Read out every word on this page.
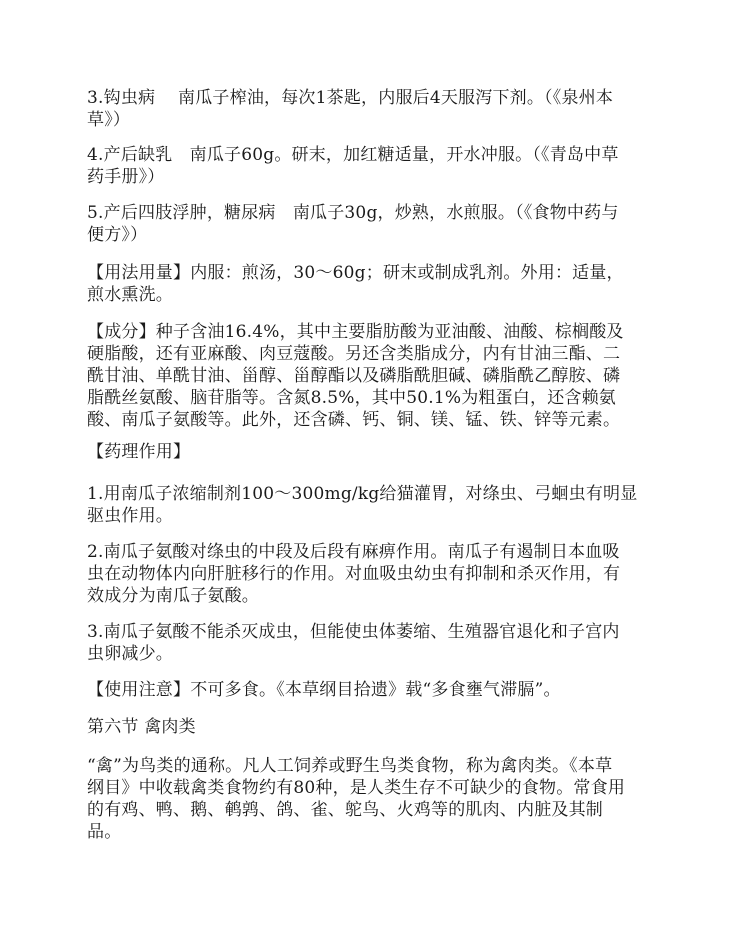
3.钩虫病　 南瓜子榨油，每次1茶匙，内服后4天服泻下剂。（《泉州本
草》）

4.产后缺乳　南瓜子60g。研末，加红糖适量，开水冲服。（《青岛中草
药手册》）

5.产后四肢浮肿，糖尿病　南瓜子30g，炒熟，水煎服。（《食物中药与
便方》）

【用法用量】内服：煎汤，30～60g；研末或制成乳剂。外用：适量，
煎水熏洗。

【成分】种子含油16.4%，其中主要脂肪酸为亚油酸、油酸、棕榈酸及
硬脂酸，还有亚麻酸、肉豆蔻酸。另还含类脂成分，内有甘油三酯、二
酰甘油、单酰甘油、甾醇、甾醇酯以及磷脂酰胆碱、磷脂酰乙醇胺、磷
脂酰丝氨酸、脑苷脂等。含氮8.5%，其中50.1%为粗蛋白，还含赖氨
酸、南瓜子氨酸等。此外，还含磷、钙、铜、镁、锰、铁、锌等元素。

【药理作用】

1.用南瓜子浓缩制剂100～300mg/kg给猫灌胃，对绦虫、弓蛔虫有明显
驱虫作用。

2.南瓜子氨酸对绦虫的中段及后段有麻痹作用。南瓜子有遏制日本血吸
虫在动物体内向肝脏移行的作用。对血吸虫幼虫有抑制和杀灭作用，有
效成分为南瓜子氨酸。

3.南瓜子氨酸不能杀灭成虫，但能使虫体萎缩、生殖器官退化和子宫内
虫卵减少。

【使用注意】不可多食。《本草纲目拾遗》载“多食壅气滞膈”。

第六节 禽肉类

“禽”为鸟类的通称。凡人工饲养或野生鸟类食物，称为禽肉类。《本草
纲目》中收载禽类食物约有80种，是人类生存不可缺少的食物。常食用
的有鸡、鸭、鹅、鹌鹑、鸽、雀、鸵鸟、火鸡等的肌肉、内脏及其制
品。
